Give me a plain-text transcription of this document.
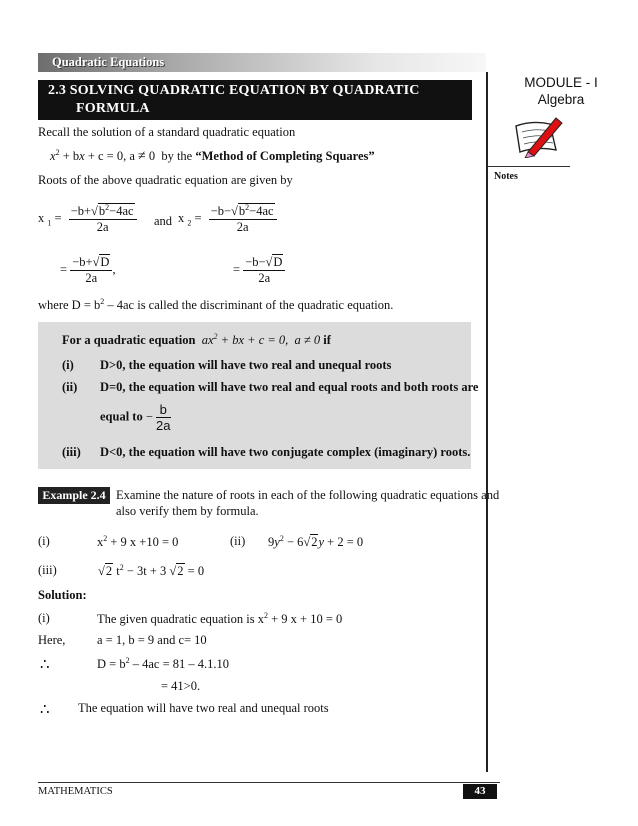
Quadratic Equations
2.3 SOLVING QUADRATIC EQUATION BY QUADRATIC
FORMULA
MODULE - I
Algebra
Notes
Recall the solution of a standard quadratic equation
$x^2$ + bx + c = 0, a ≠ 0  by the “Method of Completing Squares”
Roots of the above quadratic equation are given by
x $_1 = \frac{-b+√b^2-4ac}{2a}$ and x $_2 = \frac{-b-√b^2-4ac}{2a}$
= $\frac{-b+√D}{2a}$ ,	= $\frac{-b-√D}{2a}$
where $D = b^2 - 4ac$ is called the discriminant of the quadratic equation.
For a quadratic equation  $ax^2$ + bx + c = 0,  a ≠ 0 if
(i) D>0, the equation will have two real and unequal roots
(ii) D=0, the equation will have two real and equal roots and both roots are
equal to − $\frac{b}{2a}$
(iii) D<0, the equation will have two conjugate complex (imaginary) roots.
Example 2.4 Examine the nature of roots in each of the following quadratic equations and
also verify them by formula.
(i)	$x^2 + 9$ x +10 = 0	(ii) $9y^2 - 6√2y + 2 = 0$
(iii)	√2 $t^2 - 3t + 3$ √2 = 0
Solution:
(i)	The given quadratic equation is $x^2 + 9$ x + 10 = 0
Here,	a = 1, b = 9 and c= 10
∴	$D = b^2 - 4ac = 81 - 4.1.10$
= 41>0.
∴ The equation will have two real and unequal roots
MATHEMATICS	43
